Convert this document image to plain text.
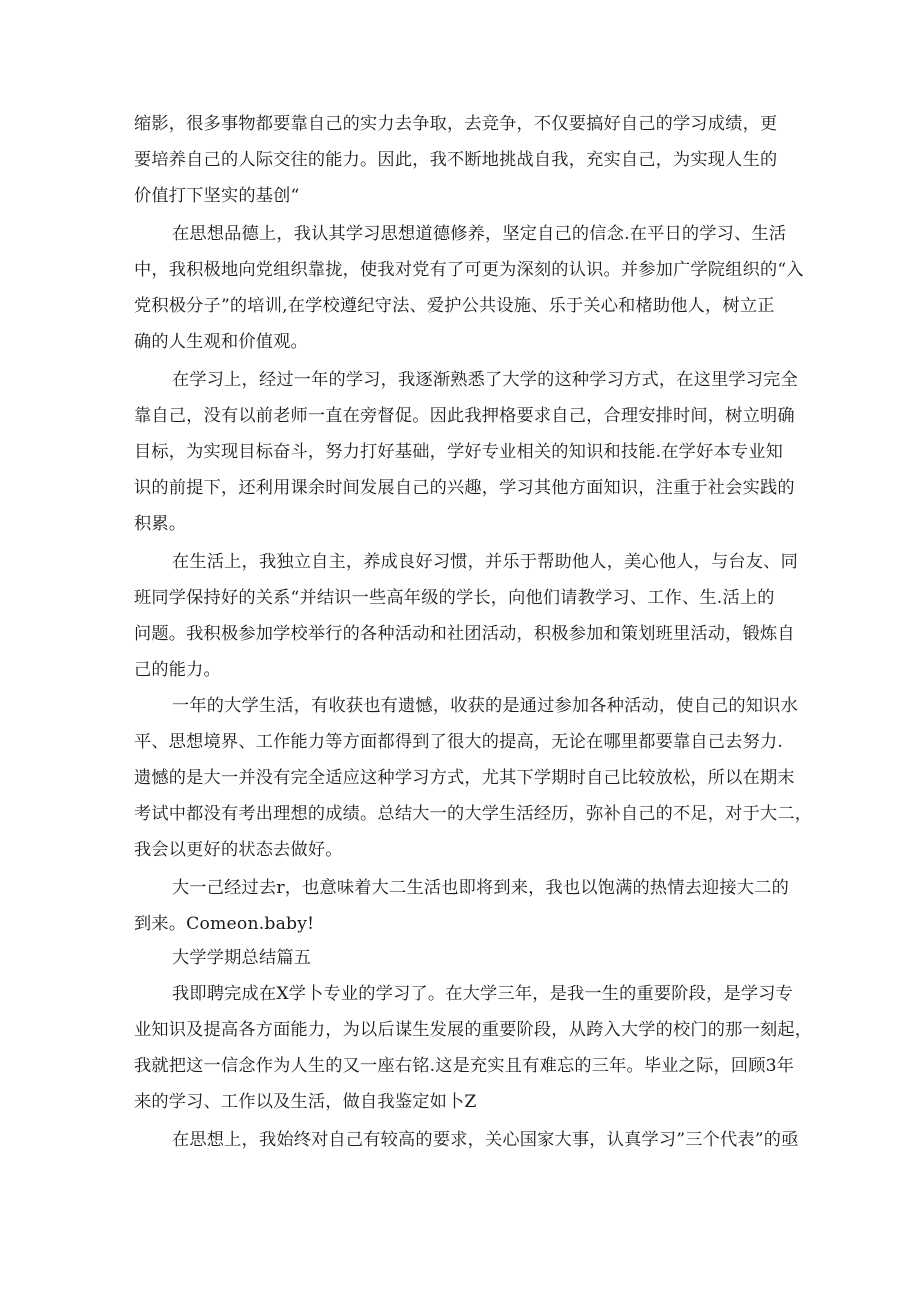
缩影，很多事物都要靠自己的实力去争取，去竞争，不仅要搞好自己的学习成绩，更
要培养自己的人际交往的能力。因此，我不断地挑战自我，充实自己，为实现人生的
价值打下坚实的基创“
在思想品德上，我认其学习思想道德修养，坚定自己的信念.在平日的学习、生活
中，我积极地向党组织靠拢，使我对党有了可更为深刻的认识。并参加广学院组织的“入
党积极分子”的培训,在学校遵纪守法、爱护公共设施、乐于关心和楮助他人，树立正
确的人生观和价值观。
在学习上，经过一年的学习，我逐渐熟悉了大学的这种学习方式，在这里学习完全
靠自己，没有以前老师一直在旁督促。因此我押格要求自己，合理安排时间，树立明确
目标，为实现目标奋斗，努力打好基础，学好专业相关的知识和技能.在学好本专业知
识的前提下，还利用课余时间发展自己的兴趣，学习其他方面知识，注重于社会实践的
积累。
在生活上，我独立自主，养成良好习惯，并乐于帮助他人，美心他人，与台友、同
班同学保持好的关系“并结识一些高年级的学长，向他们请教学习、工作、生.活上的
问题。我积极参加学校举行的各种活动和社团活动，积极参加和策划班里活动，锻炼自
己的能力。
一年的大学生活，有收获也有遗憾，收获的是通过参加各种活动，使自己的知识水
平、思想境界、工作能力等方面都得到了很大的提高，无论在哪里都要靠自己去努力.
遗憾的是大一并没有完全适应这种学习方式，尤其下学期时自己比较放松，所以在期末
考试中都没有考出理想的成绩。总结大一的大学生活经历，弥补自己的不足，对于大二，
我会以更好的状态去做好。
大一己经过去r，也意味着大二生活也即将到来，我也以饱满的热情去迎接大二的
到来。Comeon.baby!
大学学期总结篇五
我即聘完成在X学卜专业的学习了。在大学三年，是我一生的重要阶段，是学习专
业知识及提高各方面能力，为以后谋生发展的重要阶段，从跨入大学的校门的那一刻起，
我就把这一信念作为人生的又一座右铭.这是充实且有难忘的三年。毕业之际，回顾3年
来的学习、工作以及生活，做自我鉴定如卜Z
在思想上，我始终对自己有较高的要求，关心国家大事，认真学习”三个代表”的亟
